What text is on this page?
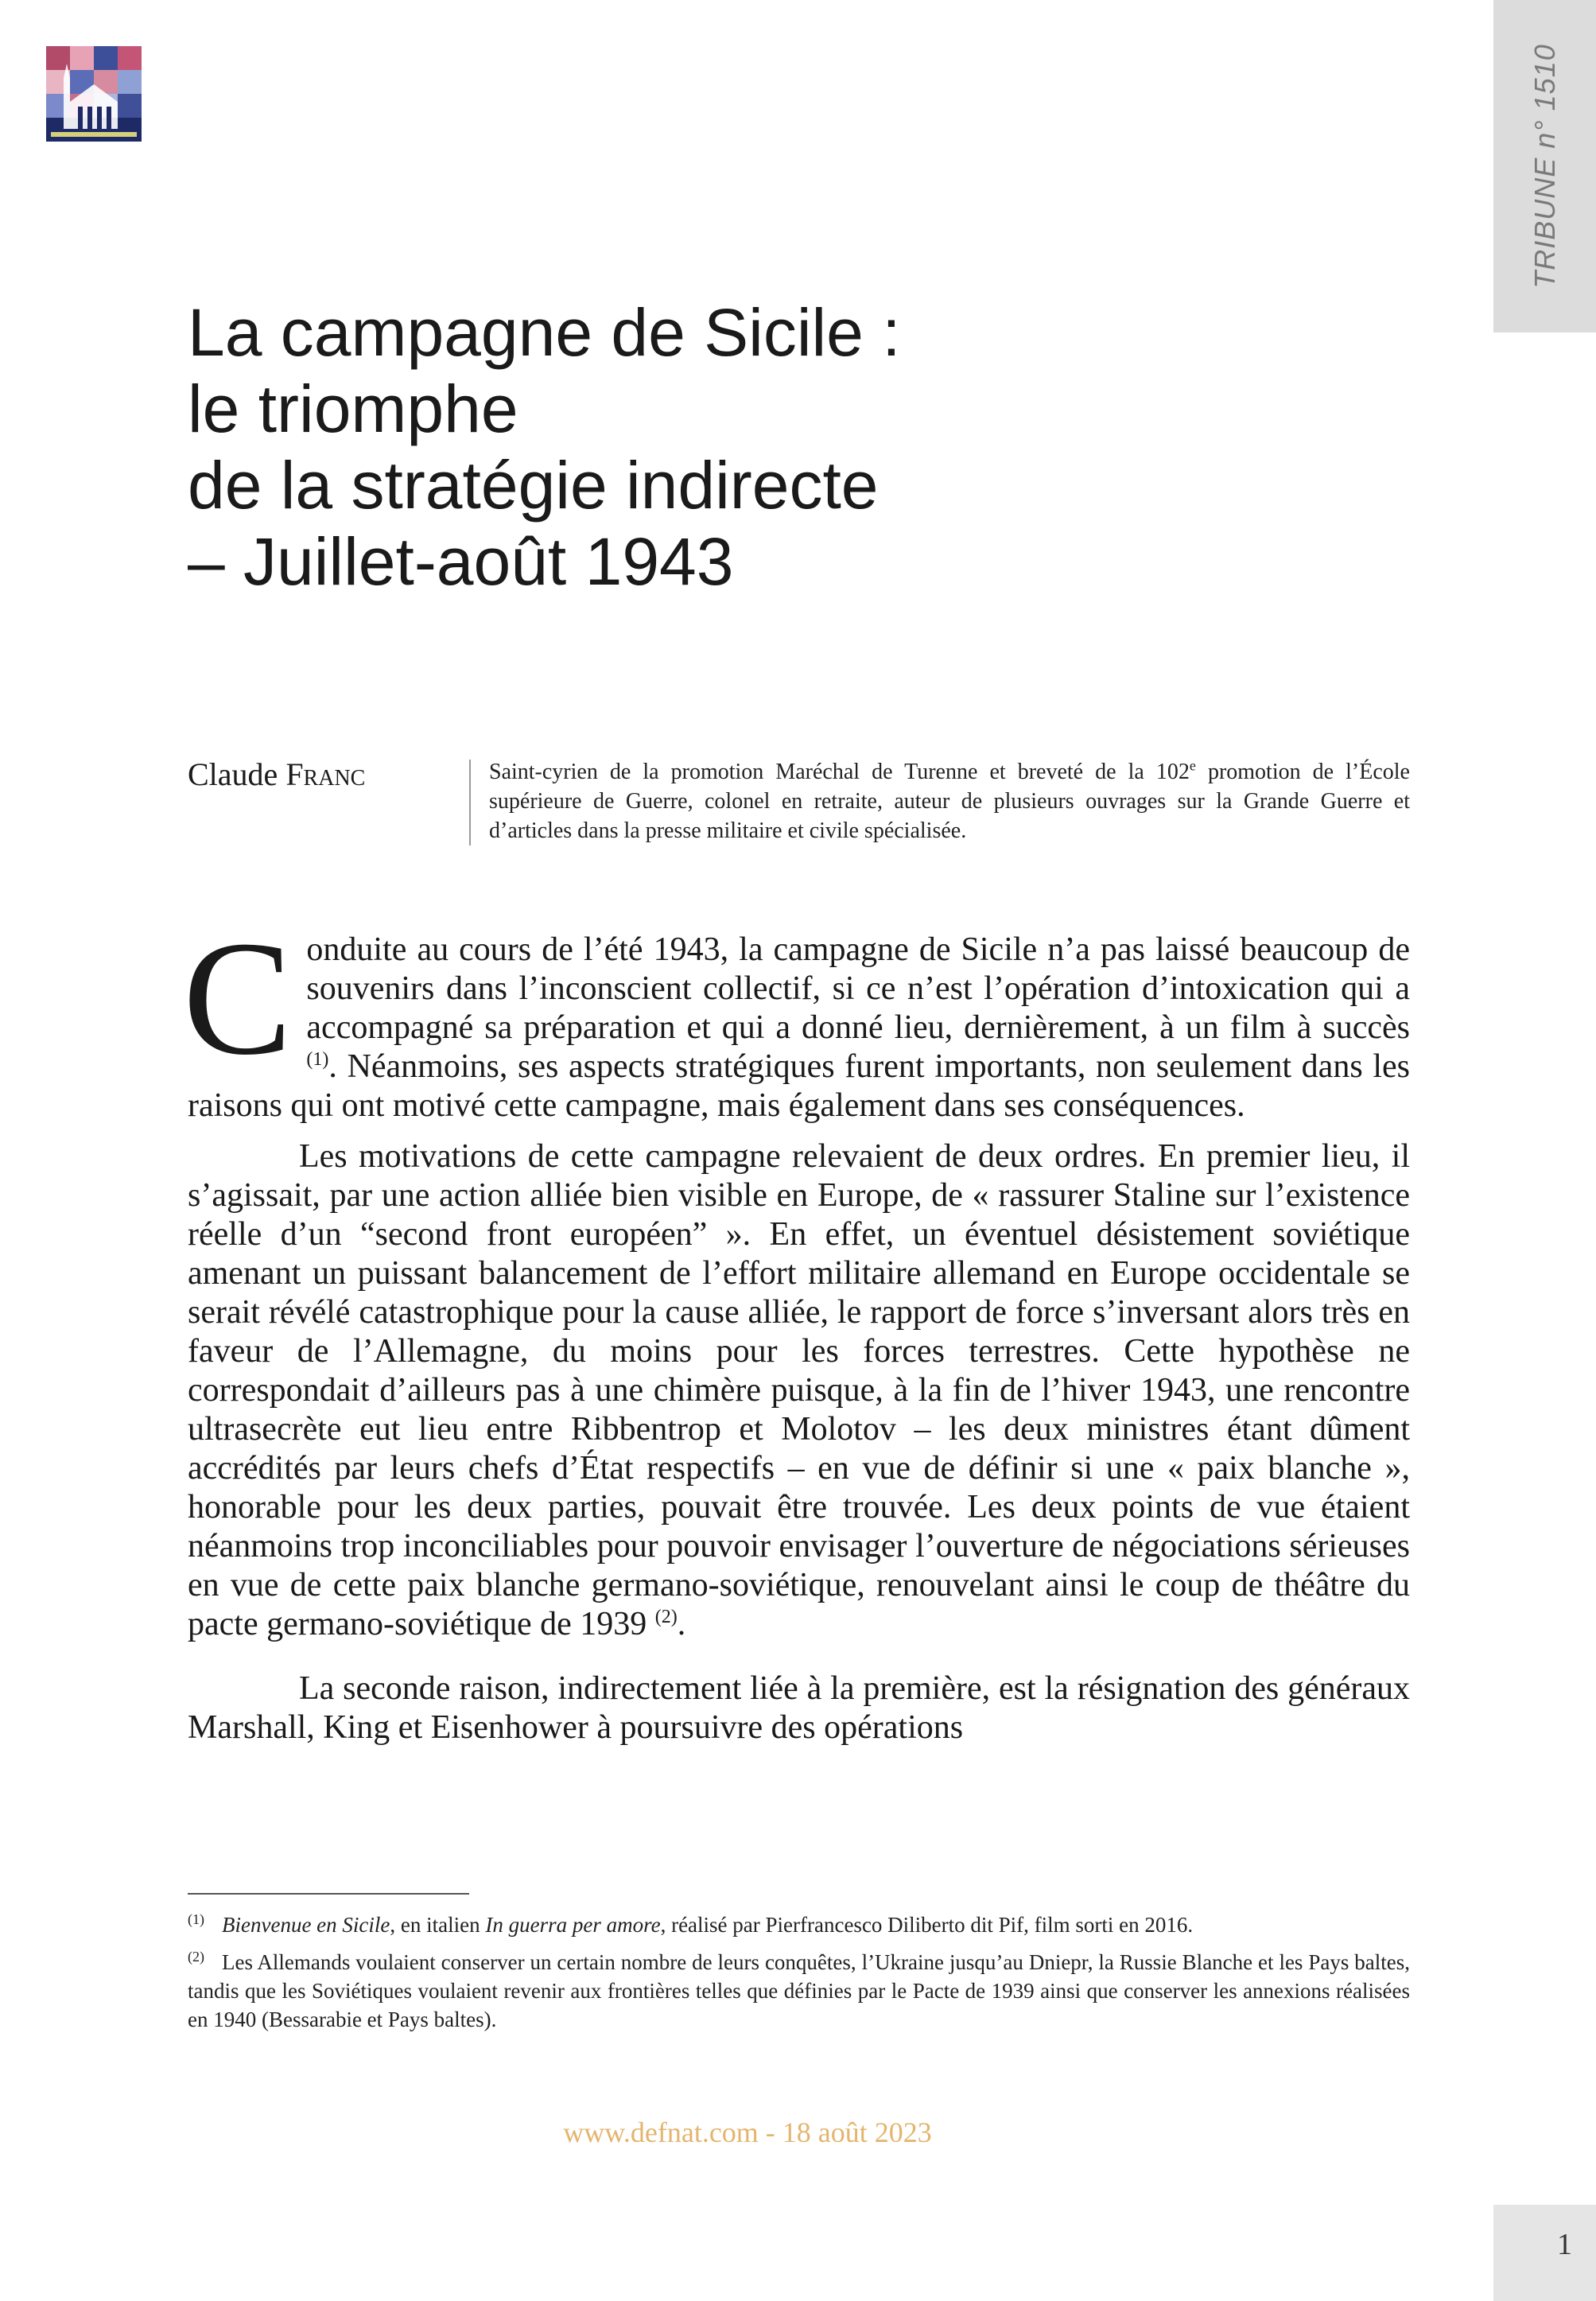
TRIBUNE n° 1510
La campagne de Sicile :
le triomphe
de la stratégie indirecte
– Juillet-août 1943
Claude Franc	Saint-cyrien de la promotion Maréchal de Turenne et breveté de la 102e promotion de l’École supérieure de Guerre, colonel en retraite, auteur de plusieurs ouvrages sur la Grande Guerre et d’articles dans la presse militaire et civile spécialisée.

Conduite au cours de l’été 1943, la campagne de Sicile n’a pas laissé beaucoup de souvenirs dans l’inconscient collectif, si ce n’est l’opération d’intoxication qui a accompagné sa préparation et qui a donné lieu, dernièrement, à un film à succès $^{(1)}$. Néanmoins, ses aspects stratégiques furent importants, non seulement dans les raisons qui ont motivé cette campagne, mais également dans ses conséquences.

Les motivations de cette campagne relevaient de deux ordres. En premier lieu, il s’agissait, par une action alliée bien visible en Europe, de « rassurer Staline sur l’existence réelle d’un “second front européen” ». En effet, un éventuel désistement soviétique amenant un puissant balancement de l’effort militaire allemand en Europe occidentale se serait révélé catastrophique pour la cause alliée, le rapport de force s’inversant alors très en faveur de l’Allemagne, du moins pour les forces terrestres. Cette hypothèse ne correspondait d’ailleurs pas à une chimère puisque, à la fin de l’hiver 1943, une rencontre ultrasecrète eut lieu entre Ribbentrop et Molotov – les deux ministres étant dûment accrédités par leurs chefs d’État respectifs – en vue de définir si une « paix blanche », honorable pour les deux parties, pouvait être trouvée. Les deux points de vue étaient néanmoins trop inconciliables pour pouvoir envisager l’ouverture de négociations sérieuses en vue de cette paix blanche germano-soviétique, renouvelant ainsi le coup de théâtre du pacte germano-soviétique de 1939 $^{(2)}$.

La seconde raison, indirectement liée à la première, est la résignation des généraux Marshall, King et Eisenhower à poursuivre des opérations

$^{(1)}$ Bienvenue en Sicile, en italien In guerra per amore, réalisé par Pierfrancesco Diliberto dit Pif, film sorti en 2016.

$^{(2)}$ Les Allemands voulaient conserver un certain nombre de leurs conquêtes, l’Ukraine jusqu’au Dniepr, la Russie Blanche et les Pays baltes, tandis que les Soviétiques voulaient revenir aux frontières telles que définies par le Pacte de 1939 ainsi que conserver les annexions réalisées en 1940 (Bessarabie et Pays baltes).

www.defnat.com - 18 août 2023
1
